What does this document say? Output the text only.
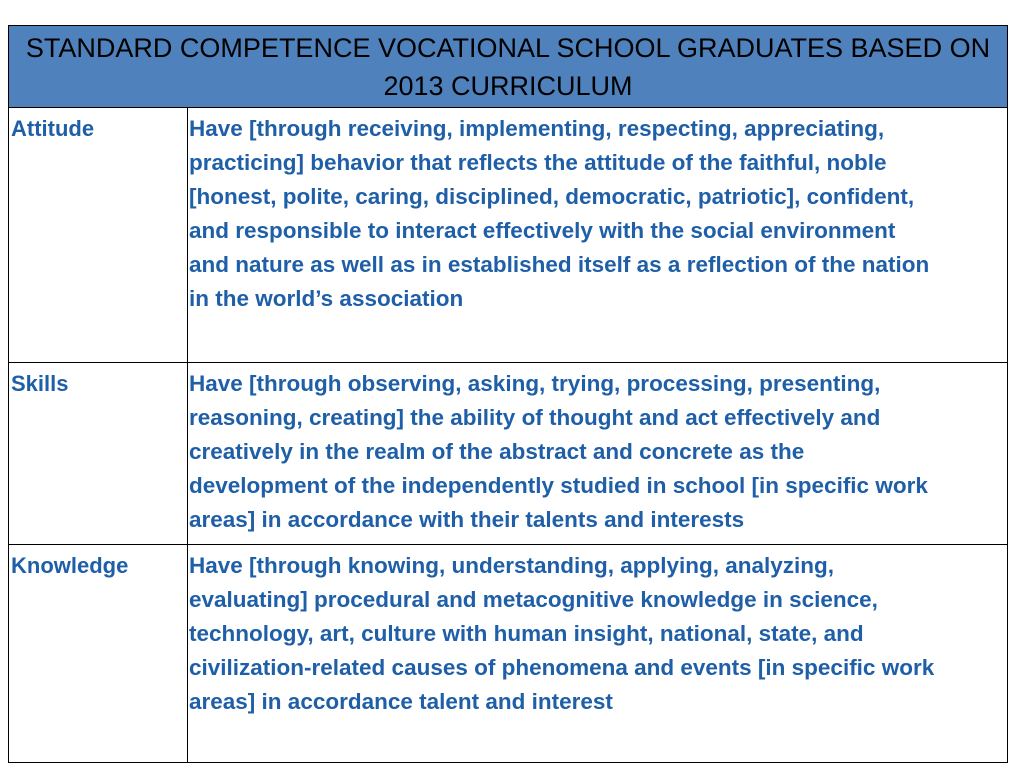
STANDARD COMPETENCE VOCATIONAL SCHOOL GRADUATES BASED ON
2013 CURRICULUM
Attitude	Have [through receiving, implementing, respecting, appreciating,
practicing] behavior that reflects the attitude of the faithful, noble
[honest, polite, caring, disciplined, democratic, patriotic], confident,
and responsible to interact effectively with the social environment
and nature as well as in established itself as a reflection of the nation
in the world’s association
Skills	Have [through observing, asking, trying, processing, presenting,
reasoning, creating] the ability of thought and act effectively and
creatively in the realm of the abstract and concrete as the
development of the independently studied in school [in specific work
areas] in accordance with their talents and interests
Knowledge	Have [through knowing, understanding, applying, analyzing,
evaluating] procedural and metacognitive knowledge in science,
technology, art, culture with human insight, national, state, and
civilization-related causes of phenomena and events [in specific work
areas] in accordance talent and interest
